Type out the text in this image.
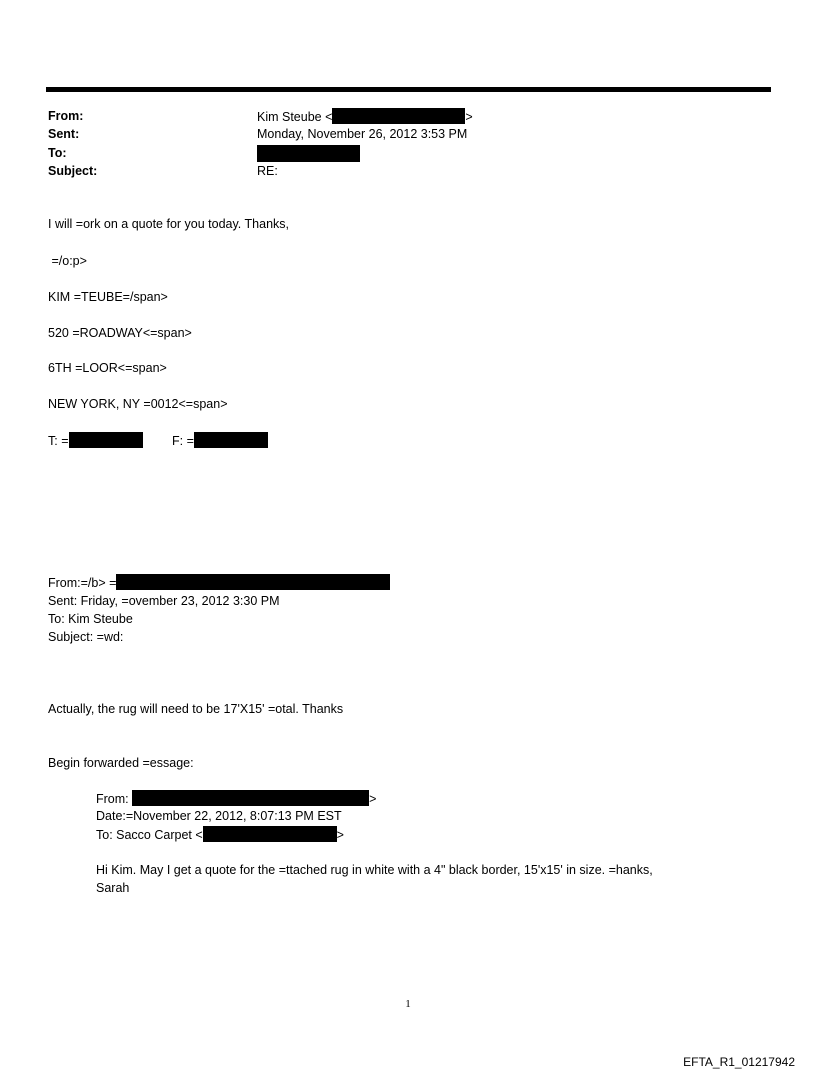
From:	Kim Steube <	>
Sent:	Monday, November 26, 2012 3:53 PM
To:
Subject:	RE:
I will =ork on a quote for you today. Thanks,
=/o:p>
KIM =TEUBE=/span>
520 =ROADWAY<=span>
6TH =LOOR<=span>
NEW YORK, NY =0012<=span>
T: =	F: =
From:=/b> =
Sent: Friday, =ovember 23, 2012 3:30 PM
To: Kim Steube
Subject: =wd:
Actually, the rug will need to be 17'X15' =otal. Thanks
Begin forwarded =essage:
From:	>
Date:=November 22, 2012, 8:07:13 PM EST
To: Sacco Carpet <	>
Hi Kim. May I get a quote for the =ttached rug in white with a 4" black border, 15'x15' in size. =hanks,
Sarah
1
EFTA_R1_01217942
